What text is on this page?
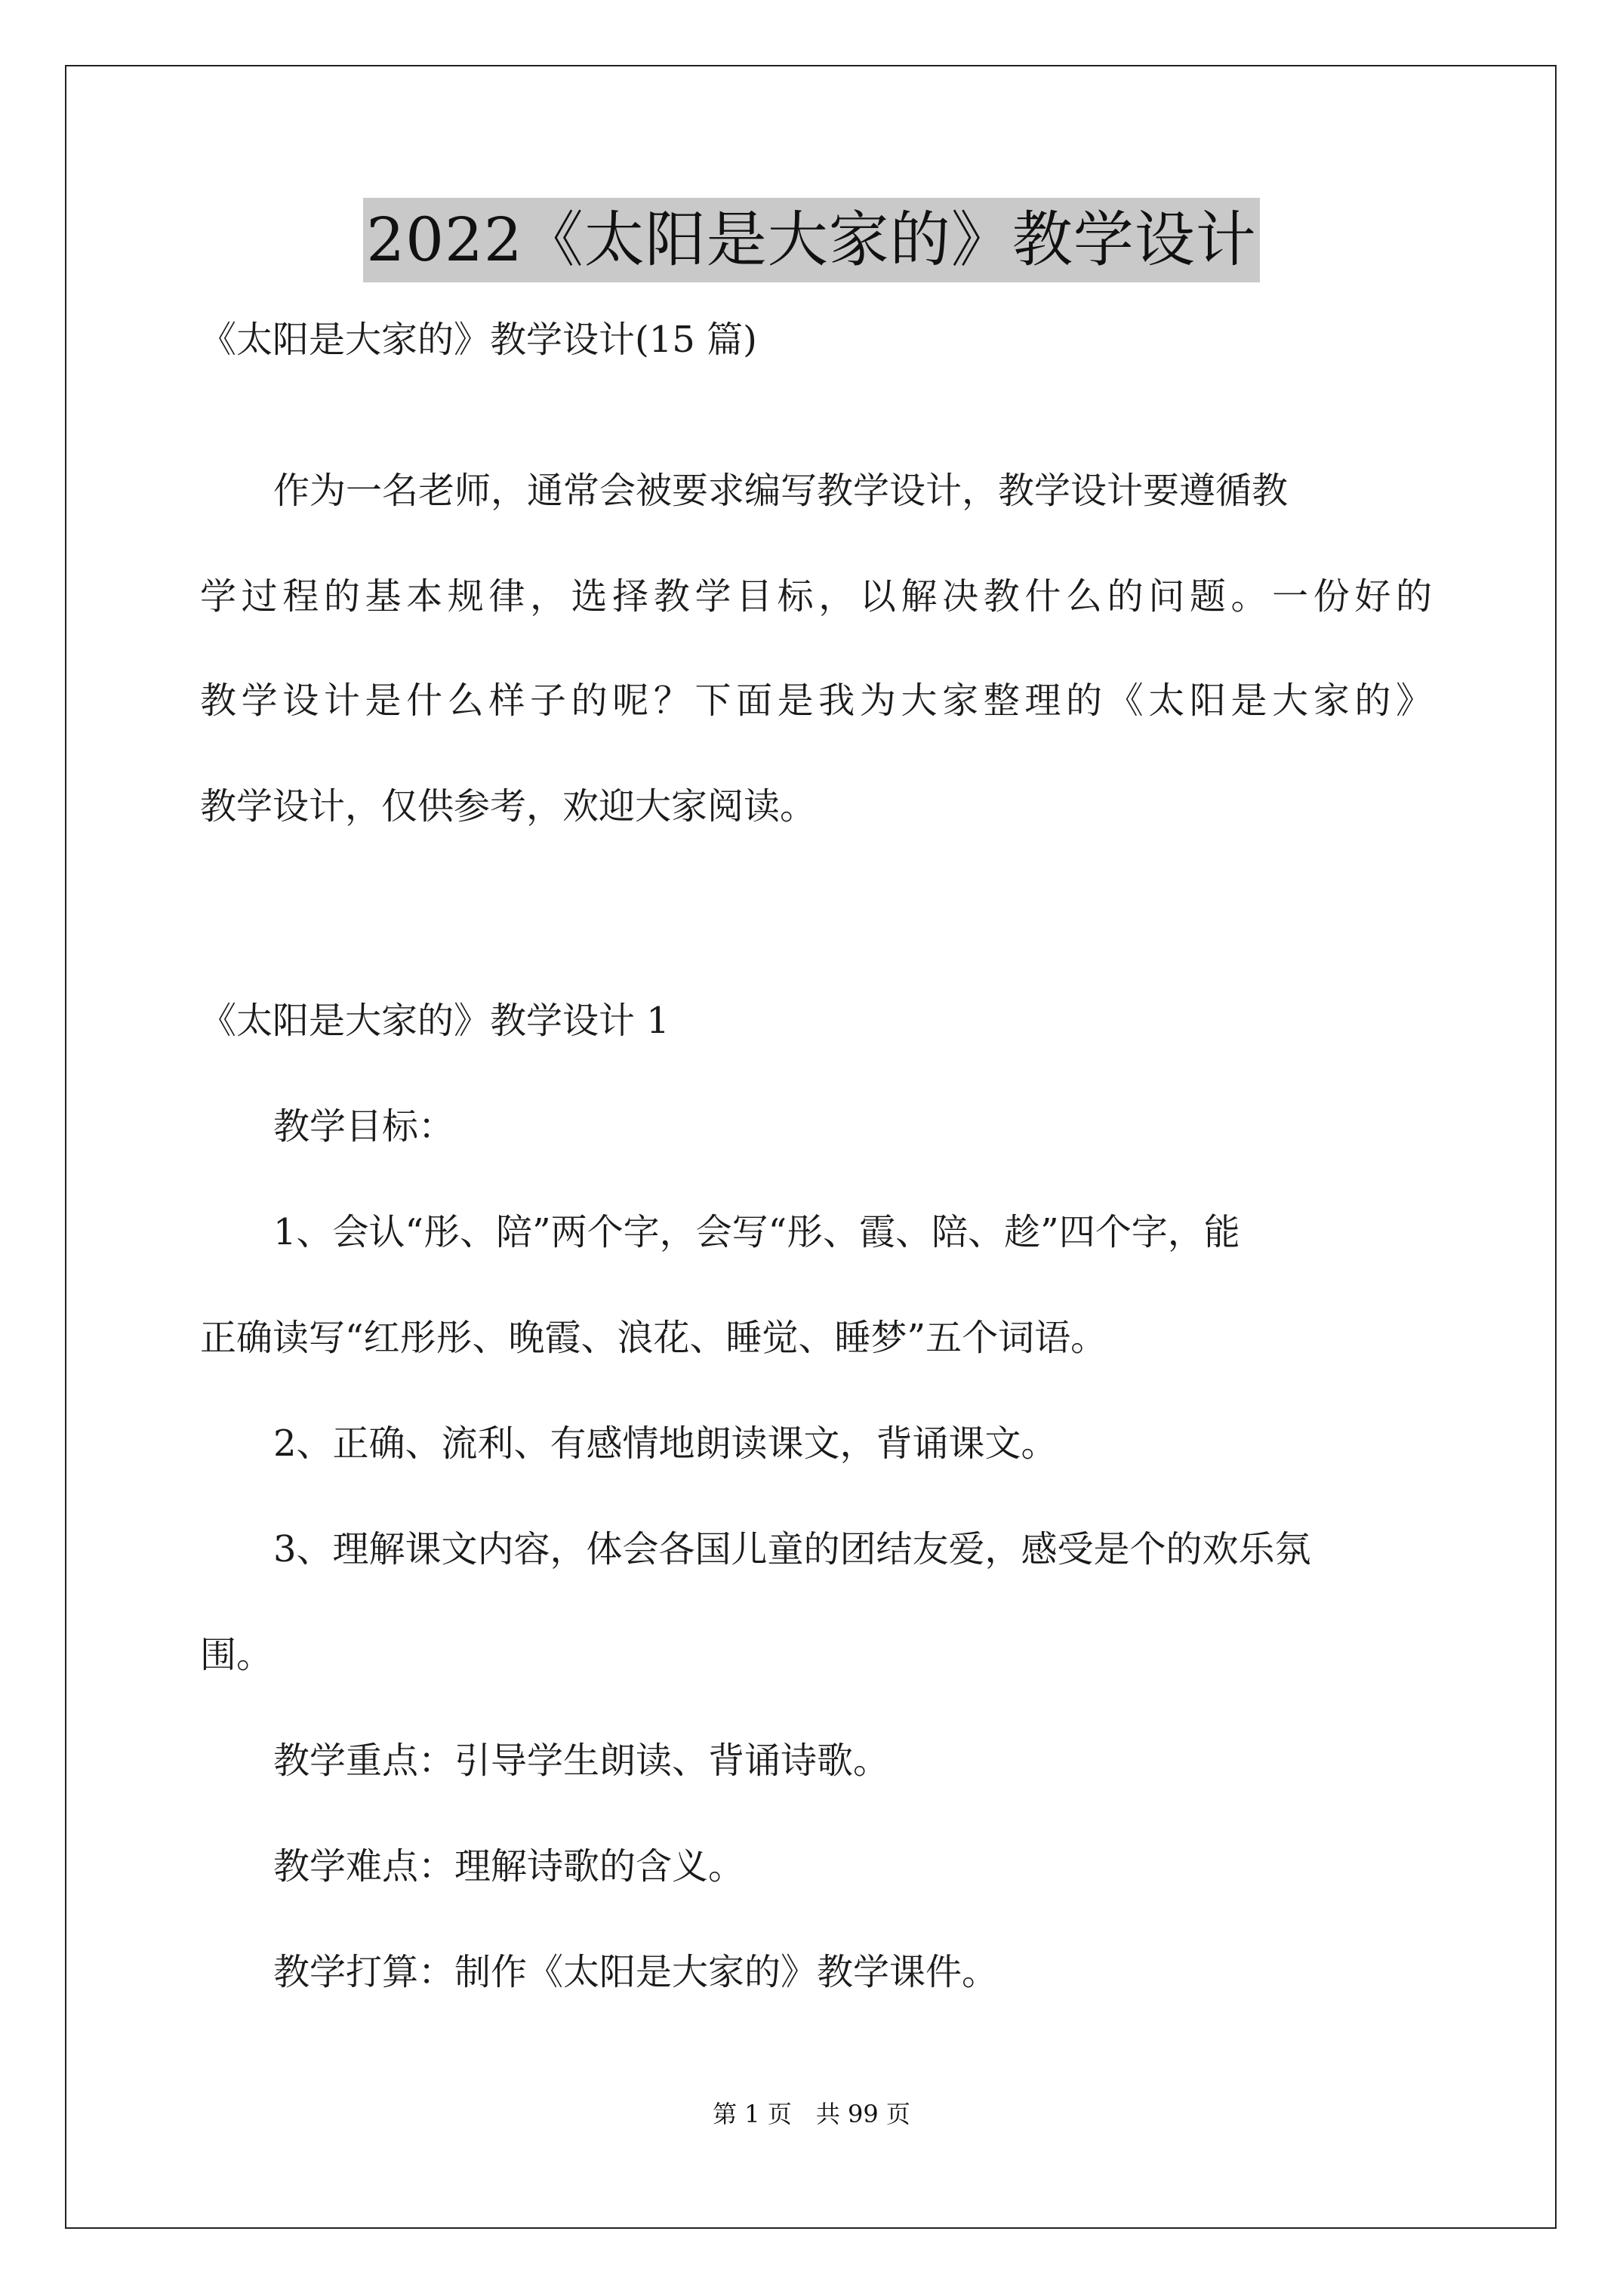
2022《太阳是大家的》教学设计
《太阳是大家的》教学设计(15 篇)
作为一名老师，通常会被要求编写教学设计，教学设计要遵循教
学过程的基本规律，选择教学目标，以解决教什么的问题。一份好的
教学设计是什么样子的呢？下面是我为大家整理的《太阳是大家的》
教学设计，仅供参考，欢迎大家阅读。
《太阳是大家的》教学设计 1
教学目标：
1、会认“彤、陪”两个字，会写“彤、霞、陪、趁”四个字，能
正确读写“红彤彤、晚霞、浪花、睡觉、睡梦”五个词语。
2、正确、流利、有感情地朗读课文，背诵课文。
3、理解课文内容，体会各国儿童的团结友爱，感受是个的欢乐氛
围。
教学重点：引导学生朗读、背诵诗歌。
教学难点：理解诗歌的含义。
教学打算：制作《太阳是大家的》教学课件。
第 1 页　共 99 页
